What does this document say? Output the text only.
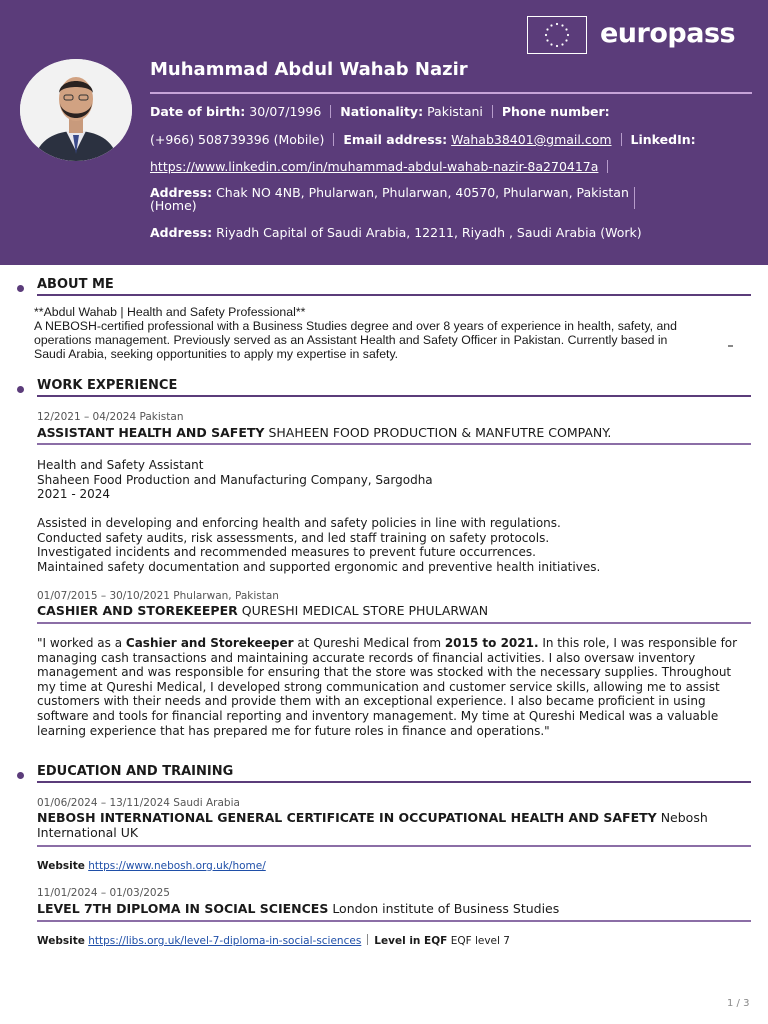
europass
Muhammad Abdul Wahab Nazir
Date of birth: 30/07/1996 Nationality: Pakistani Phone number:
(+966) 508739396 (Mobile) Email address: Wahab38401@gmail.com LinkedIn:
https://www.linkedin.com/in/muhammad-abdul-wahab-nazir-8a270417a
Address: Chak NO 4NB, Phularwan, Phularwan, 40570, Phularwan, Pakistan
(Home)
Address: Riyadh Capital of Saudi Arabia, 12211, Riyadh , Saudi Arabia (Work)
ABOUT ME
**Abdul Wahab | Health and Safety Professional**
A NEBOSH-certified professional with a Business Studies degree and over 8 years of experience in health, safety, and
operations management. Previously served as an Assistant Health and Safety Officer in Pakistan. Currently based in
Saudi Arabia, seeking opportunities to apply my expertise in safety.
WORK EXPERIENCE
12/2021 – 04/2024 Pakistan
ASSISTANT HEALTH AND SAFETY SHAHEEN FOOD PRODUCTION & MANFUTRE COMPANY.
Health and Safety Assistant
Shaheen Food Production and Manufacturing Company, Sargodha
2021 - 2024
Assisted in developing and enforcing health and safety policies in line with regulations.
Conducted safety audits, risk assessments, and led staff training on safety protocols.
Investigated incidents and recommended measures to prevent future occurrences.
Maintained safety documentation and supported ergonomic and preventive health initiatives.
01/07/2015 – 30/10/2021 Phularwan, Pakistan
CASHIER AND STOREKEEPER QURESHI MEDICAL STORE PHULARWAN
"I worked as a Cashier and Storekeeper at Qureshi Medical from 2015 to 2021. In this role, I was responsible for managing cash transactions and maintaining accurate records of financial activities. I also oversaw inventory management and was responsible for ensuring that the store was stocked with the necessary supplies. Throughout my time at Qureshi Medical, I developed strong communication and customer service skills, allowing me to assist customers with their needs and provide them with an exceptional experience. I also became proficient in using software and tools for financial reporting and inventory management. My time at Qureshi Medical was a valuable learning experience that has prepared me for future roles in finance and operations."
EDUCATION AND TRAINING
01/06/2024 – 13/11/2024 Saudi Arabia
NEBOSH INTERNATIONAL GENERAL CERTIFICATE IN OCCUPATIONAL HEALTH AND SAFETY Nebosh International UK
Website https://www.nebosh.org.uk/home/
11/01/2024 – 01/03/2025
LEVEL 7TH DIPLOMA IN SOCIAL SCIENCES London institute of Business Studies
Website https://libs.org.uk/level-7-diploma-in-social-sciences Level in EQF EQF level 7
1 / 3
